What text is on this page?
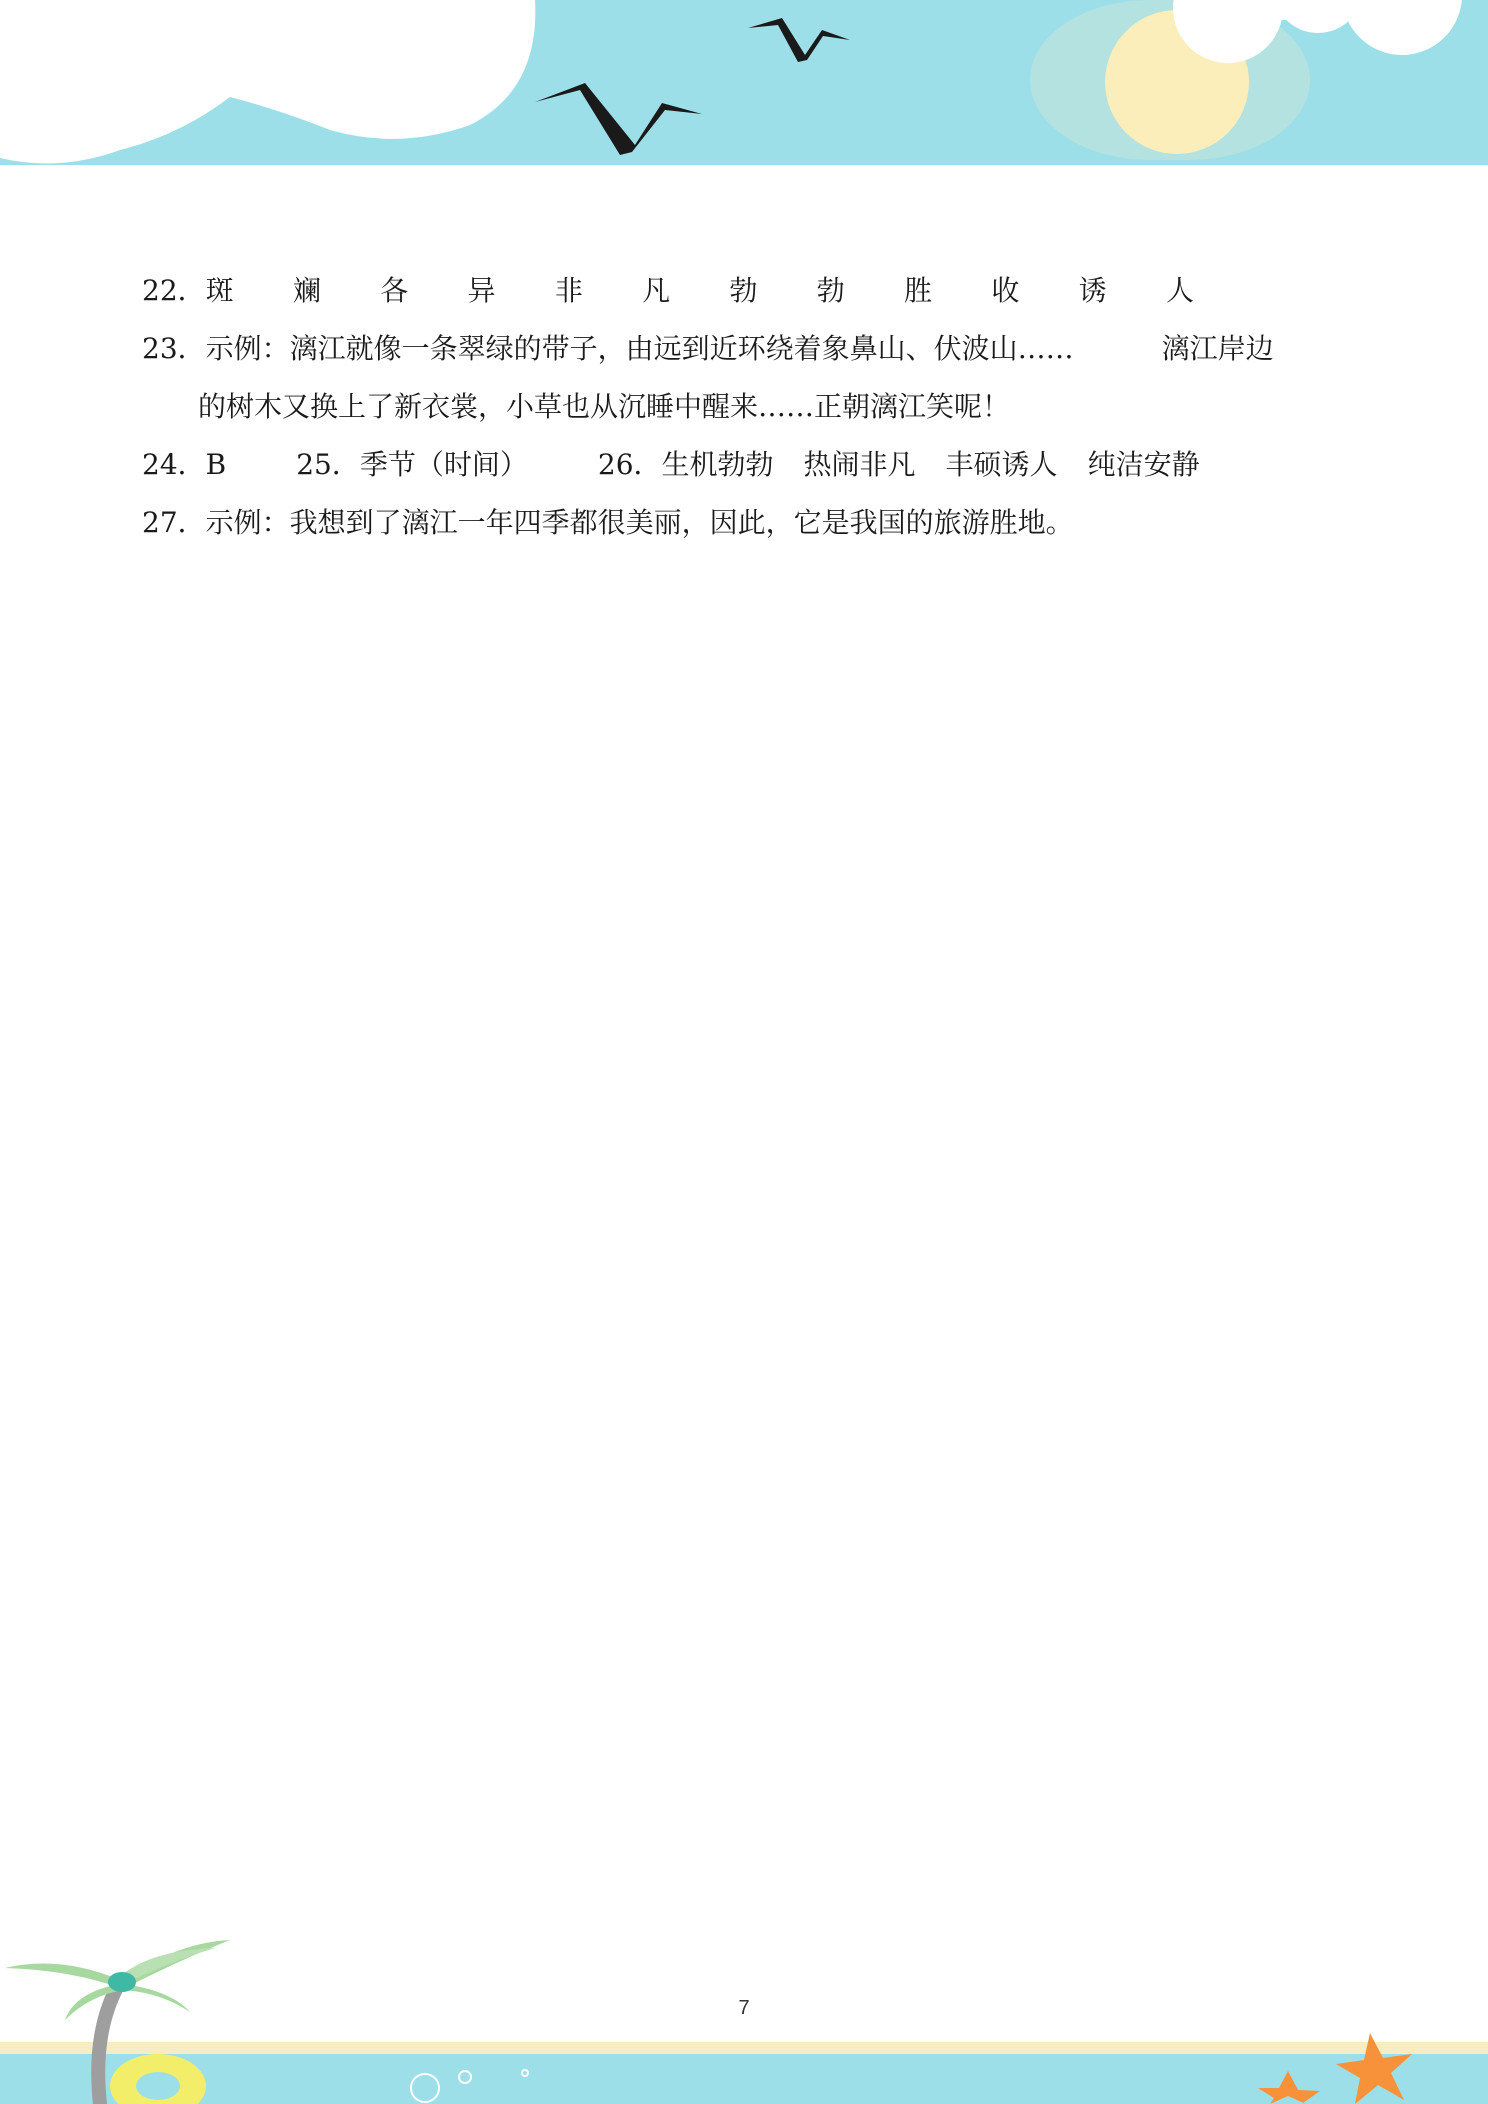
22．斑 斓 各 异 非 凡 勃 勃 胜 收 诱 人
23．示例：漓江就像一条翠绿的带子，由远到近环绕着象鼻山、伏波山……	漓江岸边
的树木又换上了新衣裳，小草也从沉睡中醒来……正朝漓江笑呢！
24．B	25．季节（时间）	26．生机勃勃 热闹非凡 丰硕诱人 纯洁安静
27．示例：我想到了漓江一年四季都很美丽，因此，它是我国的旅游胜地。
7
